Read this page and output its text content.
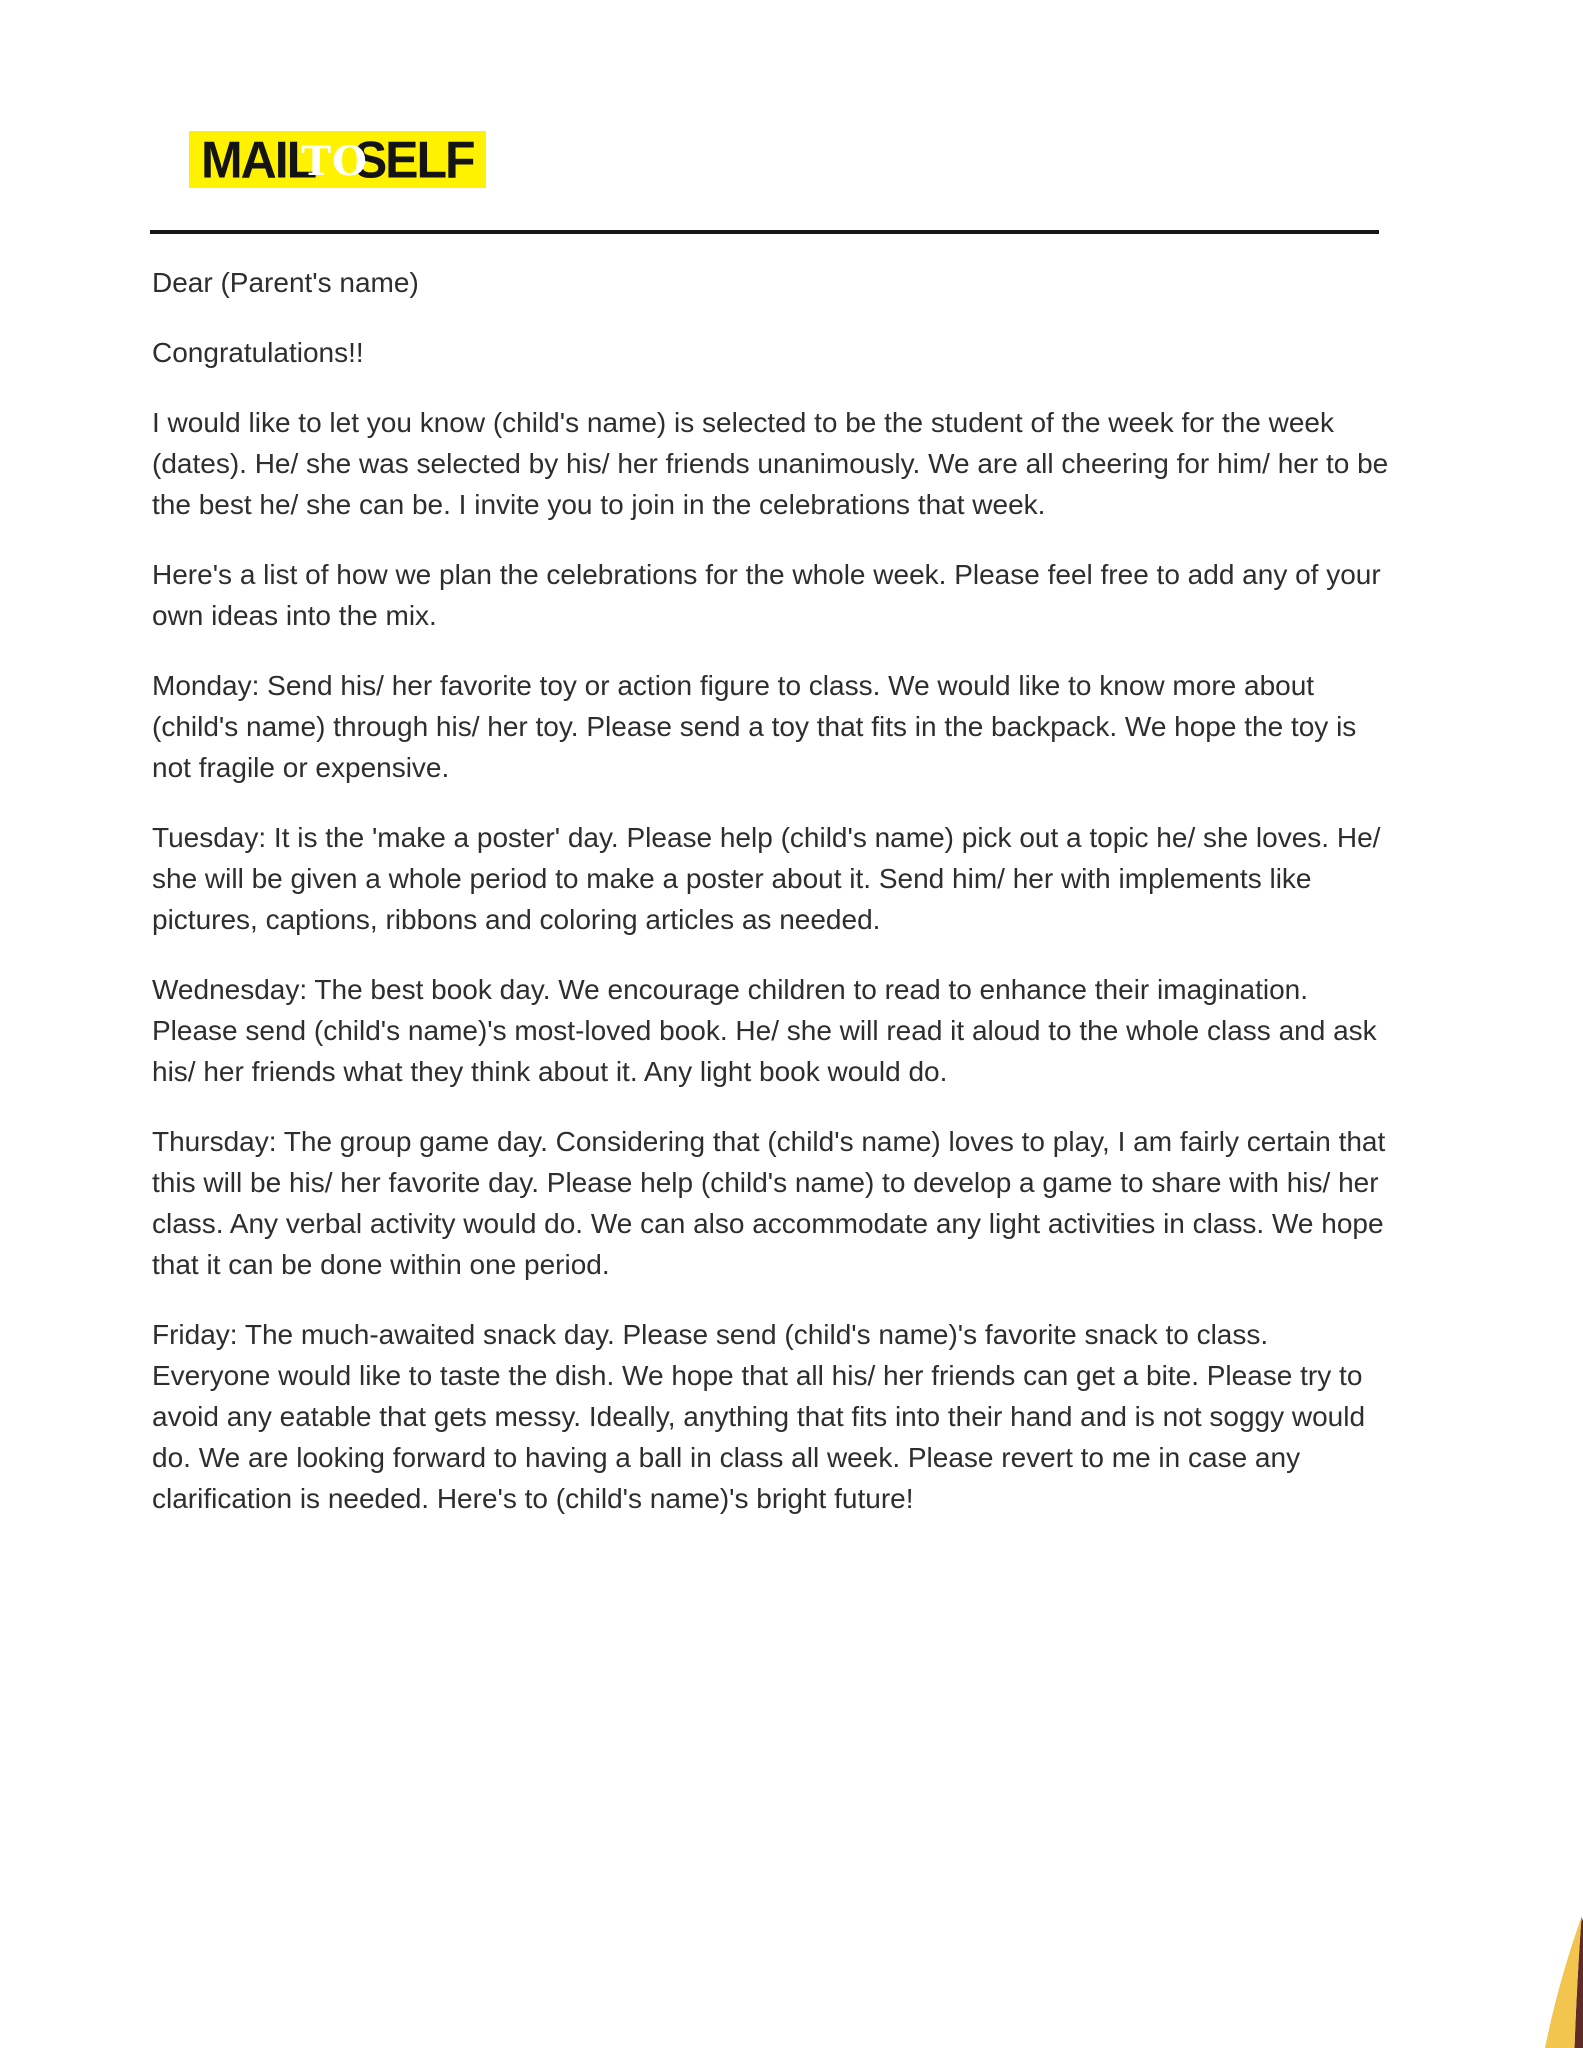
MAIL
TO
SELF

Dear (Parent's name)

Congratulations!!

I would like to let you know (child's name) is selected to be the student of the week for the week (dates). He/ she was selected by his/ her friends unanimously. We are all cheering for him/ her to be the best he/ she can be. I invite you to join in the celebrations that week.

Here's a list of how we plan the celebrations for the whole week. Please feel free to add any of your own ideas into the mix.

Monday: Send his/ her favorite toy or action figure to class. We would like to know more about (child's name) through his/ her toy. Please send a toy that fits in the backpack. We hope the toy is not fragile or expensive.

Tuesday: It is the 'make a poster' day. Please help (child's name) pick out a topic he/ she loves. He/ she will be given a whole period to make a poster about it. Send him/ her with implements like pictures, captions, ribbons and coloring articles as needed.

Wednesday: The best book day. We encourage children to read to enhance their imagination. Please send (child's name)'s most-loved book. He/ she will read it aloud to the whole class and ask his/ her friends what they think about it. Any light book would do.

Thursday: The group game day. Considering that (child's name) loves to play, I am fairly certain that this will be his/ her favorite day. Please help (child's name) to develop a game to share with his/ her class. Any verbal activity would do. We can also accommodate any light activities in class. We hope that it can be done within one period.

Friday: The much-awaited snack day. Please send (child's name)'s favorite snack to class. Everyone would like to taste the dish. We hope that all his/ her friends can get a bite. Please try to avoid any eatable that gets messy. Ideally, anything that fits into their hand and is not soggy would do. We are looking forward to having a ball in class all week. Please revert to me in case any clarification is needed. Here's to (child's name)'s bright future!
